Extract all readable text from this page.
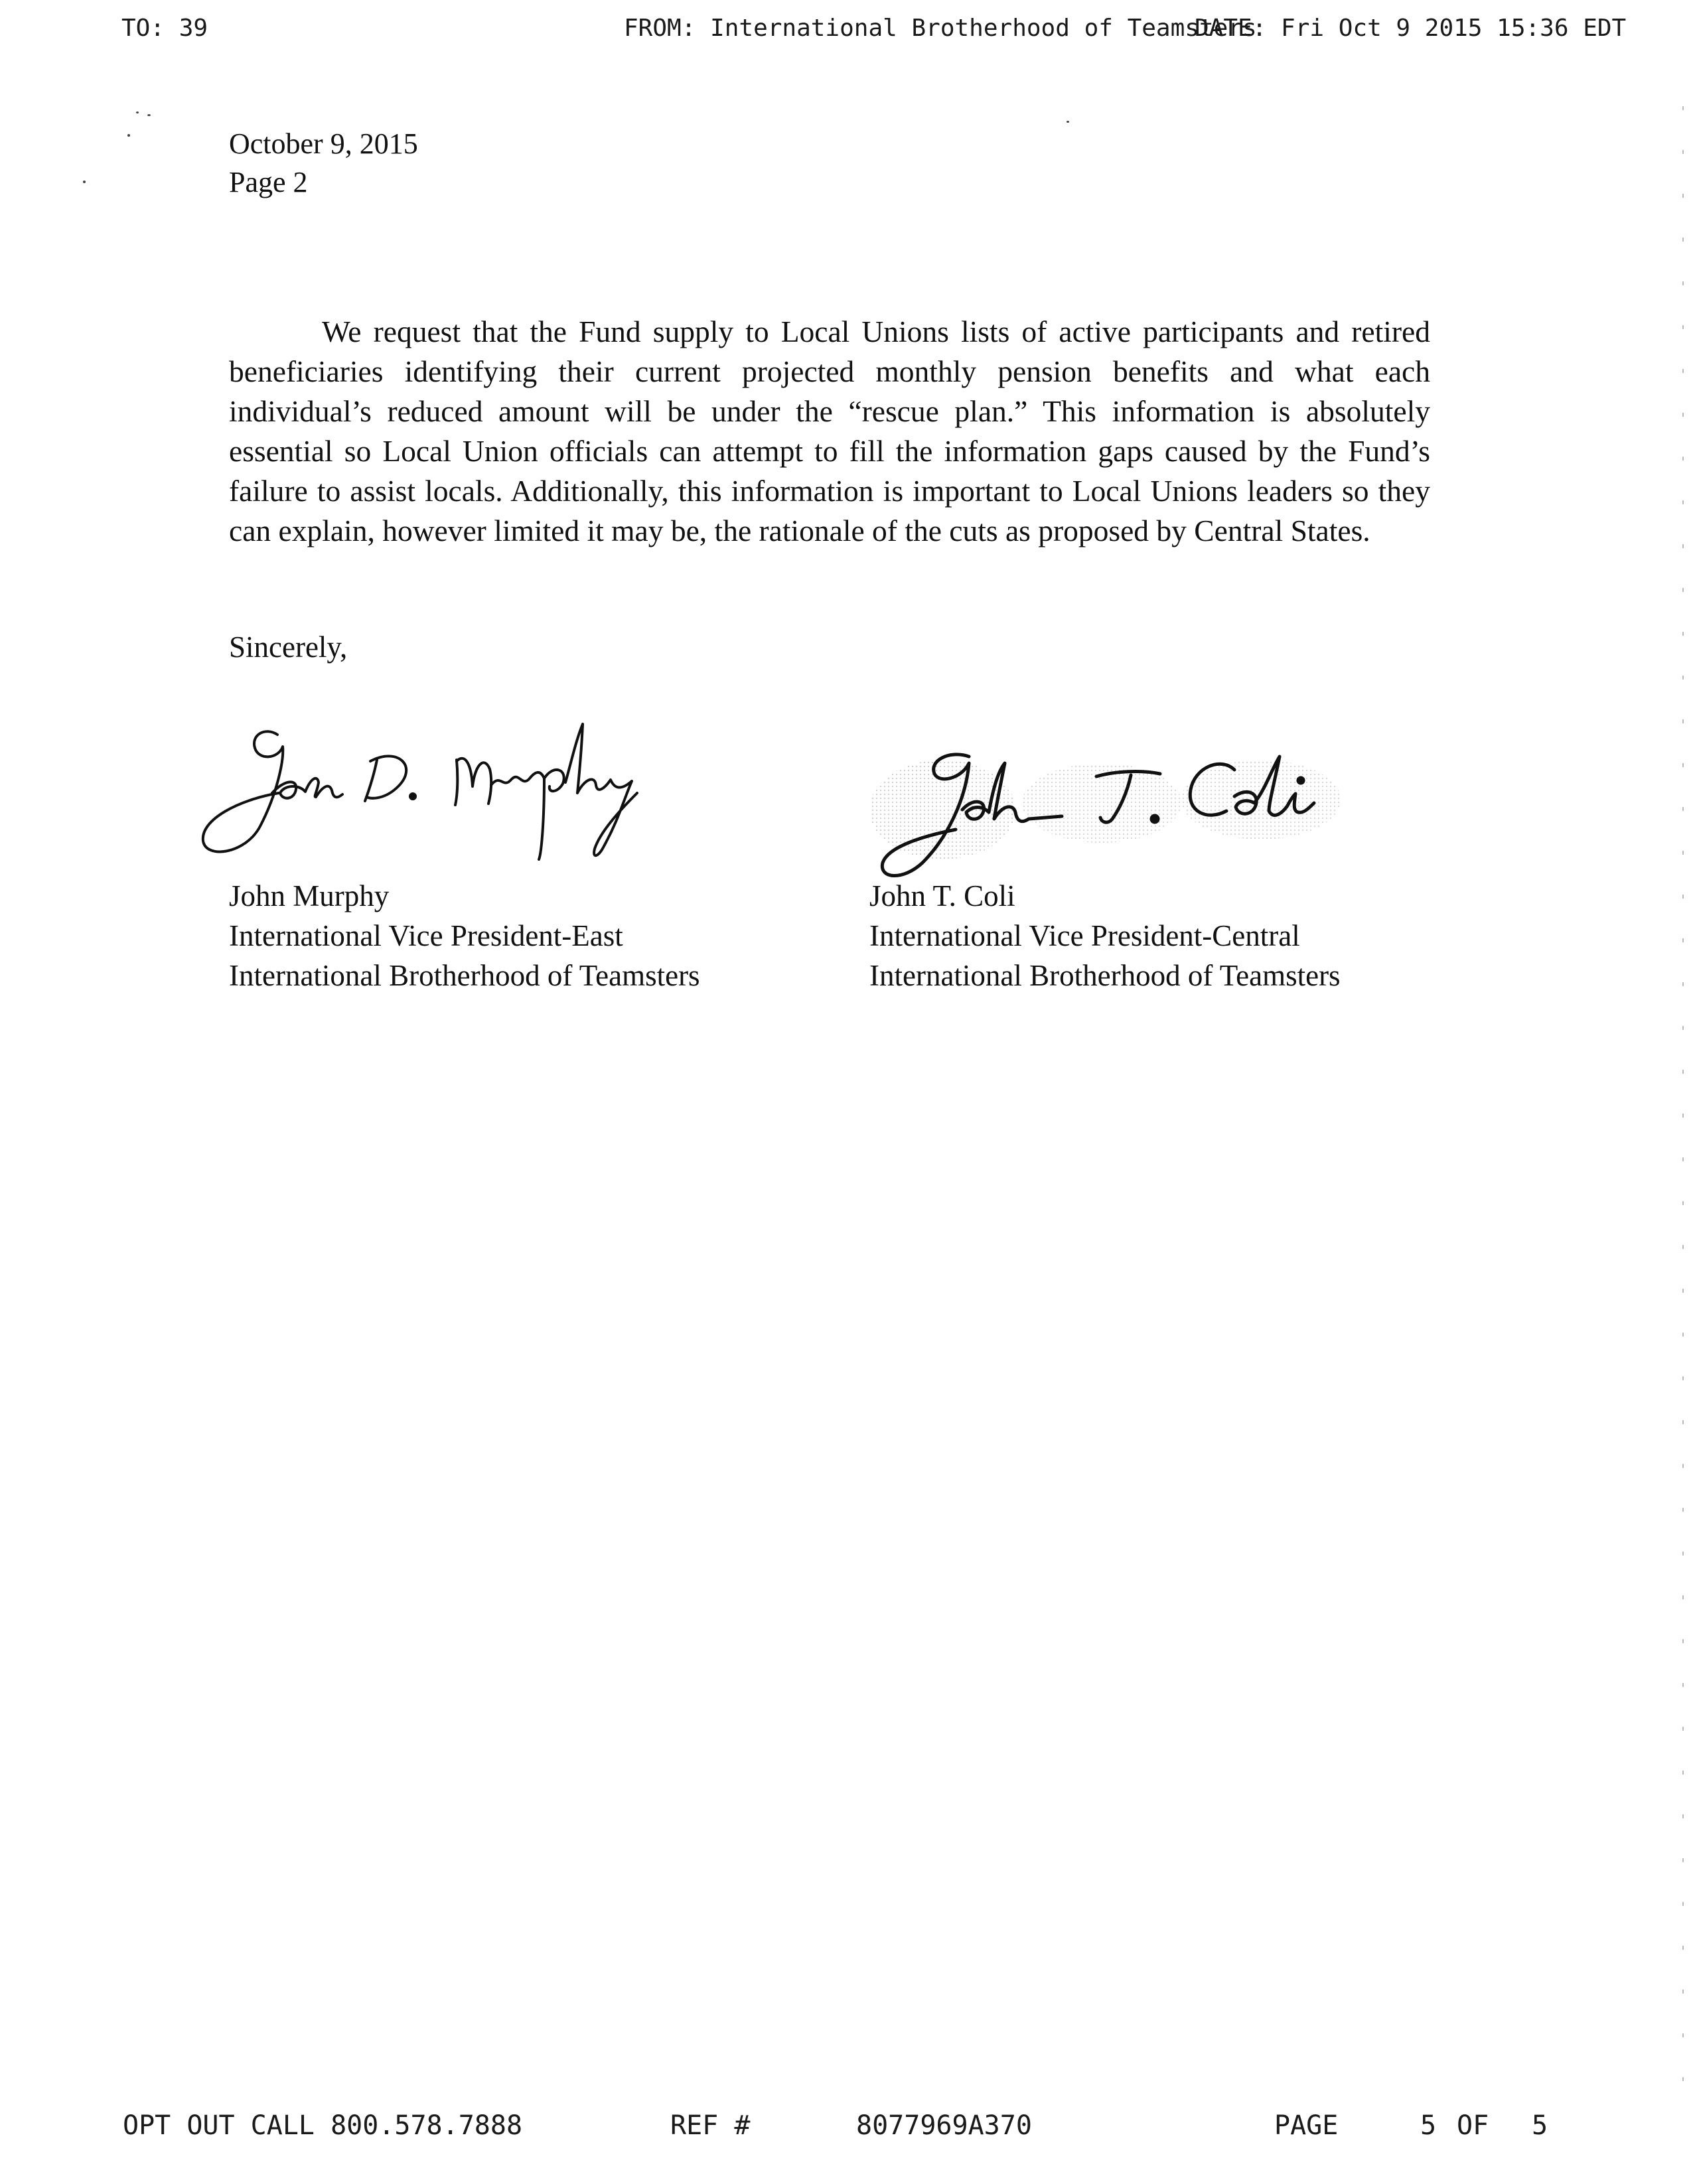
TO: 39	FROM: International Brotherhood of Teamsters
DATE: Fri Oct 9 2015 15:36 EDT
October 9, 2015
Page 2

We request that the Fund supply to Local Unions lists of active participants and retired beneficiaries identifying their current projected monthly pension benefits and what each individual’s reduced amount will be under the “rescue plan.” This information is absolutely essential so Local Union officials can attempt to fill the information gaps caused by the Fund’s failure to assist locals. Additionally, this information is important to Local Unions leaders so they can explain, however limited it may be, the rationale of the cuts as proposed by Central States.

Sincerely,
John Murphy
International Vice President-East
International Brotherhood of Teamsters
John T. Coli
International Vice President-Central
International Brotherhood of Teamsters
OPT OUT CALL 800.578.7888	REF #	8077969A370	PAGE	5 OF 5
